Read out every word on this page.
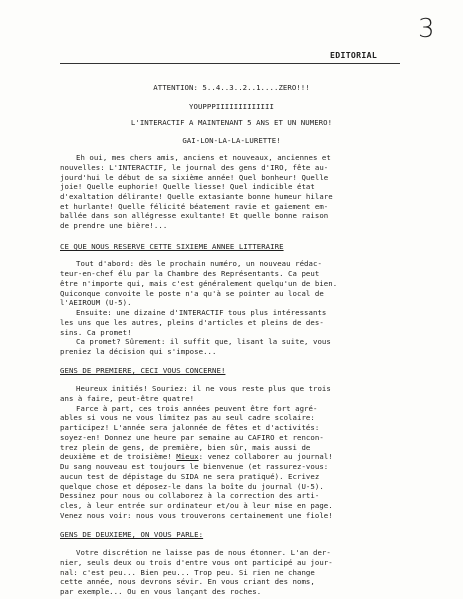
3
EDITORIAL
ATTENTION: 5..4..3..2..1....ZERO!!!
YOUPPPIIIIIIIIIIIII
L'INTERACTIF A MAINTENANT 5 ANS ET UN NUMERO!
GAI-LON-LA-LA-LURETTE!
Eh oui, mes chers amis, anciens et nouveaux, anciennes et
nouvelles: L'INTERACTIF, le journal des gens d'IRO, fête au-
jourd'hui le début de sa sixième année! Quel bonheur! Quelle
joie! Quelle euphorie! Quelle liesse! Quel indicible état
d'exaltation délirante! Quelle extasiante bonne humeur hilare
et hurlante! Quelle félicité béatement ravie et gaiement em-
ballée dans son allégresse exultante! Et quelle bonne raison
de prendre une bière!...
CE QUE NOUS RESERVE CETTE SIXIEME ANNEE LITTERAIRE
Tout d'abord: dès le prochain numéro, un nouveau rédac-
teur-en-chef élu par la Chambre des Représentants. Ca peut
être n'importe qui, mais c'est généralement quelqu'un de bien.
Quiconque convoite le poste n'a qu'à se pointer au local de
l'AEIROUM (U-5).
Ensuite: une dizaine d'INTERACTIF tous plus intéressants
les uns que les autres, pleins d'articles et pleins de des-
sins. Ca promet!
Ca promet? Sûrement: il suffit que, lisant la suite, vous
preniez la décision qui s'impose...
GENS DE PREMIERE, CECI VOUS CONCERNE!
Heureux initiés! Souriez: il ne vous reste plus que trois
ans à faire, peut-être quatre!
Farce à part, ces trois années peuvent être fort agré-
ables si vous ne vous limitez pas au seul cadre scolaire:
participez! L'année sera jalonnée de fêtes et d'activités:
soyez-en! Donnez une heure par semaine au CAFIRO et rencon-
trez plein de gens, de première, bien sûr, mais aussi de
deuxième et de troisième! Mieux: venez collaborer au journal!
Du sang nouveau est toujours le bienvenue (et rassurez-vous:
aucun test de dépistage du SIDA ne sera pratiqué). Ecrivez
quelque chose et déposez-le dans la boîte du journal (U-5).
Dessinez pour nous ou collaborez à la correction des arti-
cles, à leur entrée sur ordinateur et/ou à leur mise en page.
Venez nous voir: nous vous trouverons certainement une fiole!
GENS DE DEUXIEME, ON VOUS PARLE:
Votre discrétion ne laisse pas de nous étonner. L'an der-
nier, seuls deux ou trois d'entre vous ont participé au jour-
nal: c'est peu... Bien peu... Trop peu. Si rien ne change
cette année, nous devrons sévir. En vous criant des noms,
par exemple... Ou en vous lançant des roches.
